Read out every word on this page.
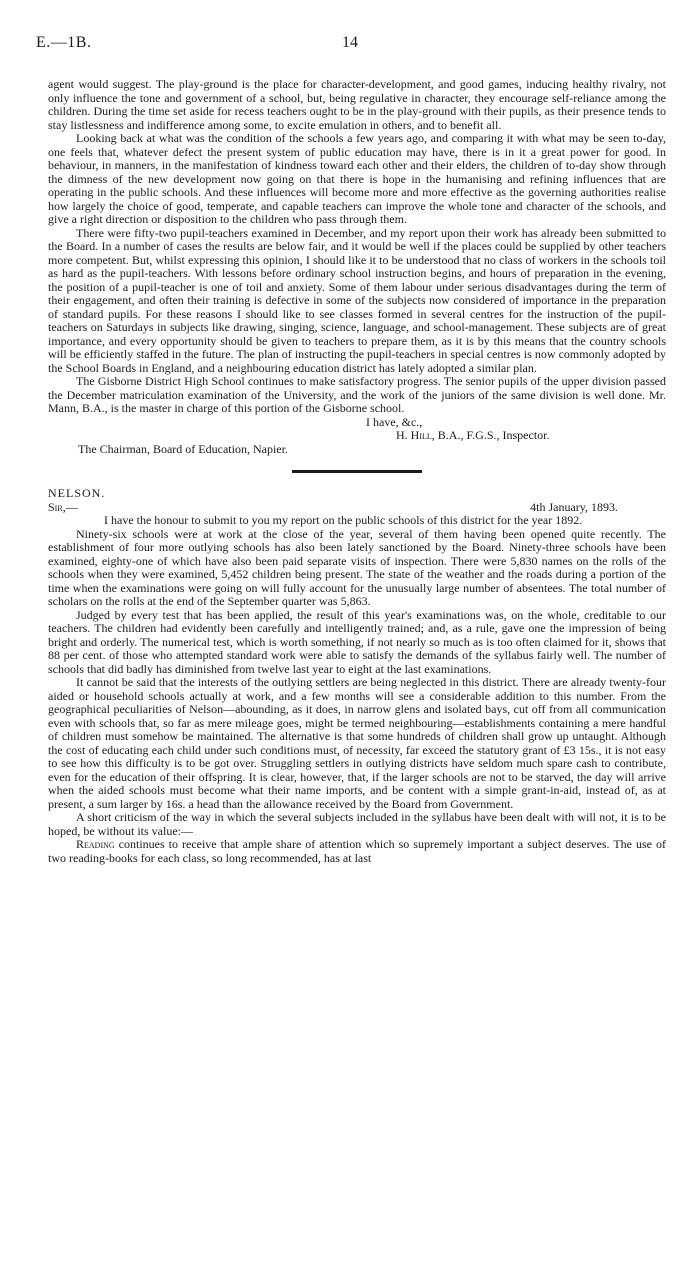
E.—1B.	14

agent would suggest. The play-ground is the place for character-development, and good games, inducing healthy rivalry, not only influence the tone and government of a school, but, being regulative in character, they encourage self-reliance among the children. During the time set aside for recess teachers ought to be in the play-ground with their pupils, as their presence tends to stay listlessness and indifference among some, to excite emulation in others, and to benefit all.

Looking back at what was the condition of the schools a few years ago, and comparing it with what may be seen to-day, one feels that, whatever defect the present system of public education may have, there is in it a great power for good. In behaviour, in manners, in the manifestation of kindness toward each other and their elders, the children of to-day show through the dimness of the new development now going on that there is hope in the humanising and refining influences that are operating in the public schools. And these influences will become more and more effective as the governing authorities realise how largely the choice of good, temperate, and capable teachers can improve the whole tone and character of the schools, and give a right direction or disposition to the children who pass through them.

There were fifty-two pupil-teachers examined in December, and my report upon their work has already been submitted to the Board. In a number of cases the results are below fair, and it would be well if the places could be supplied by other teachers more competent. But, whilst expressing this opinion, I should like it to be understood that no class of workers in the schools toil as hard as the pupil-teachers. With lessons before ordinary school instruction begins, and hours of preparation in the evening, the position of a pupil-teacher is one of toil and anxiety. Some of them labour under serious disadvantages during the term of their engagement, and often their training is defective in some of the subjects now considered of importance in the preparation of standard pupils. For these reasons I should like to see classes formed in several centres for the instruction of the pupil-teachers on Saturdays in subjects like drawing, singing, science, language, and school-management. These subjects are of great importance, and every opportunity should be given to teachers to prepare them, as it is by this means that the country schools will be efficiently staffed in the future. The plan of instructing the pupil-teachers in special centres is now commonly adopted by the School Boards in England, and a neighbouring education district has lately adopted a similar plan.

The Gisborne District High School continues to make satisfactory progress. The senior pupils of the upper division passed the December matriculation examination of the University, and the work of the juniors of the same division is well done. Mr. Mann, B.A., is the master in charge of this portion of the Gisborne school.

I have, &c.,

H. Hill, B.A., F.G.S., Inspector.

The Chairman, Board of Education, Napier.

NELSON.

Sir,—	4th January, 1893.

I have the honour to submit to you my report on the public schools of this district for the year 1892.

Ninety-six schools were at work at the close of the year, several of them having been opened quite recently. The establishment of four more outlying schools has also been lately sanctioned by the Board. Ninety-three schools have been examined, eighty-one of which have also been paid separate visits of inspection. There were 5,830 names on the rolls of the schools when they were examined, 5,452 children being present. The state of the weather and the roads during a portion of the time when the examinations were going on will fully account for the unusually large number of absentees. The total number of scholars on the rolls at the end of the September quarter was 5,863.

Judged by every test that has been applied, the result of this year's examinations was, on the whole, creditable to our teachers. The children had evidently been carefully and intelligently trained; and, as a rule, gave one the impression of being bright and orderly. The numerical test, which is worth something, if not nearly so much as is too often claimed for it, shows that 88 per cent. of those who attempted standard work were able to satisfy the demands of the syllabus fairly well. The number of schools that did badly has diminished from twelve last year to eight at the last examinations.

It cannot be said that the interests of the outlying settlers are being neglected in this district. There are already twenty-four aided or household schools actually at work, and a few months will see a considerable addition to this number. From the geographical peculiarities of Nelson—abounding, as it does, in narrow glens and isolated bays, cut off from all communication even with schools that, so far as mere mileage goes, might be termed neighbouring—establishments containing a mere handful of children must somehow be maintained. The alternative is that some hundreds of children shall grow up untaught. Although the cost of educating each child under such conditions must, of necessity, far exceed the statutory grant of £3 15s., it is not easy to see how this difficulty is to be got over. Struggling settlers in outlying districts have seldom much spare cash to contribute, even for the education of their offspring. It is clear, however, that, if the larger schools are not to be starved, the day will arrive when the aided schools must become what their name imports, and be content with a simple grant-in-aid, instead of, as at present, a sum larger by 16s. a head than the allowance received by the Board from Government.

A short criticism of the way in which the several subjects included in the syllabus have been dealt with will not, it is to be hoped, be without its value:—

Reading continues to receive that ample share of attention which so supremely important a subject deserves. The use of two reading-books for each class, so long recommended, has at last
